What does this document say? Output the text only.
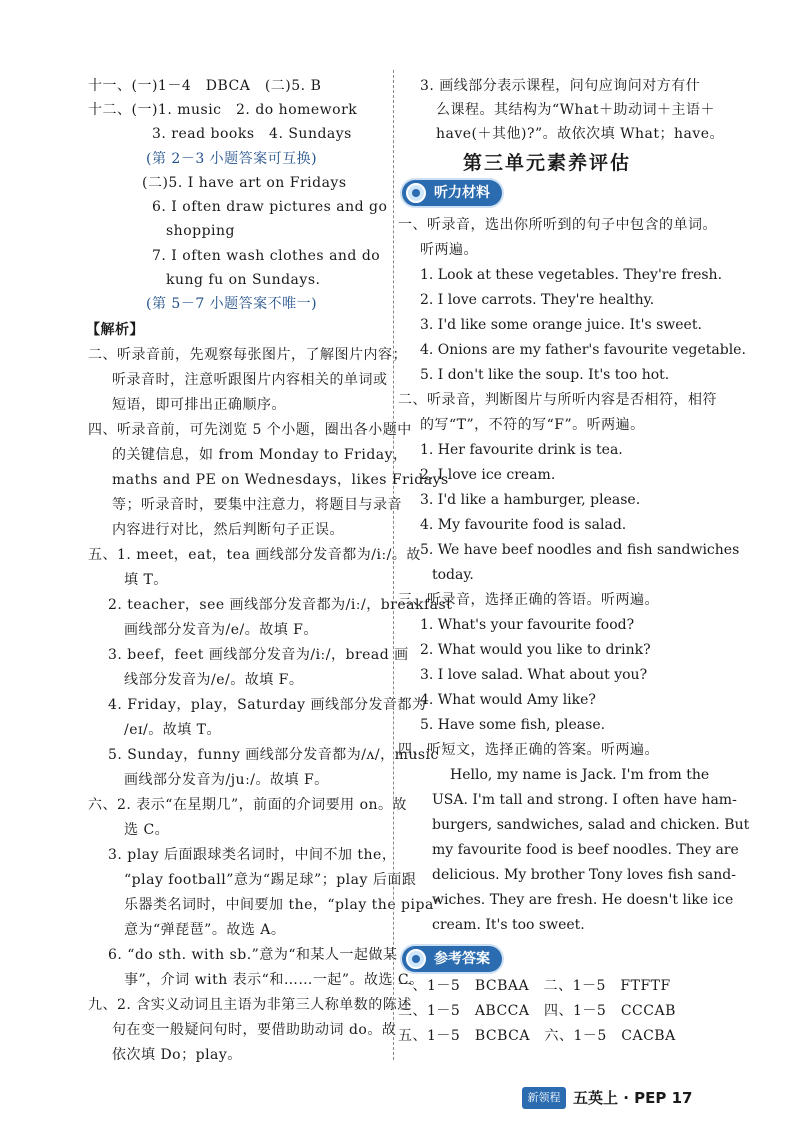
十一、(一)1－4　DBCA　(二)5. B
十二、(一)1. music　2. do homework
3. read books　4. Sundays
(第 2－3 小题答案可互换)
(二)5. I have art on Fridays
6. I often draw pictures and go
shopping
7. I often wash clothes and do
kung fu on Sundays.
(第 5－7 小题答案不唯一)
【解析】
二、听录音前，先观察每张图片，了解图片内容；
听录音时，注意听跟图片内容相关的单词或
短语，即可排出正确顺序。
四、听录音前，可先浏览 5 个小题，圈出各小题中
的关键信息，如 from Monday to Friday，
maths and PE on Wednesdays，likes Fridays
等；听录音时，要集中注意力，将题目与录音
内容进行对比，然后判断句子正误。
五、1. meet，eat，tea 画线部分发音都为/iː/。故
填 T。
2. teacher，see 画线部分发音都为/iː/，breakfast
画线部分发音为/e/。故填 F。
3. beef，feet 画线部分发音为/iː/，bread 画
线部分发音为/e/。故填 F。
4. Friday，play，Saturday 画线部分发音都为
/eɪ/。故填 T。
5. Sunday，funny 画线部分发音都为/ʌ/，music
画线部分发音为/juː/。故填 F。
六、2. 表示“在星期几”，前面的介词要用 on。故
选 C。
3. play 后面跟球类名词时，中间不加 the，
“play football”意为“踢足球”；play 后面跟
乐器类名词时，中间要加 the，“play the pipa”
意为“弹琵琶”。故选 A。
6. “do sth. with sb.”意为“和某人一起做某
事”，介词 with 表示“和……一起”。故选 C。
九、2. 含实义动词且主语为非第三人称单数的陈述
句在变一般疑问句时，要借助助动词 do。故
依次填 Do；play。
3. 画线部分表示课程，问句应询问对方有什
么课程。其结构为“What＋助动词＋主语＋
have(＋其他)?”。故依次填 What；have。
第三单元素养评估
听力材料
一、听录音，选出你所听到的句子中包含的单词。
听两遍。
1. Look at these vegetables. They're fresh.
2. I love carrots. They're healthy.
3. I'd like some orange juice. It's sweet.
4. Onions are my father's favourite vegetable.
5. I don't like the soup. It's too hot.
二、听录音，判断图片与所听内容是否相符，相符
的写“T”，不符的写“F”。听两遍。
1. Her favourite drink is tea.
2. I love ice cream.
3. I'd like a hamburger, please.
4. My favourite food is salad.
5. We have beef noodles and fish sandwiches
today.
三、听录音，选择正确的答语。听两遍。
1. What's your favourite food?
2. What would you like to drink?
3. I love salad. What about you?
4. What would Amy like?
5. Have some fish, please.
四、听短文，选择正确的答案。听两遍。
Hello, my name is Jack. I'm from the
USA. I'm tall and strong. I often have ham-
burgers, sandwiches, salad and chicken. But
my favourite food is beef noodles. They are
delicious. My brother Tony loves fish sand-
wiches. They are fresh. He doesn't like ice
cream. It's too sweet.
参考答案
一、1－5　BCBAA　二、1－5　FTFTF
三、1－5　ABCCA　四、1－5　CCCAB
五、1－5　BCBCA　六、1－5　CACBA
新领程 五英上 · PEP 17
